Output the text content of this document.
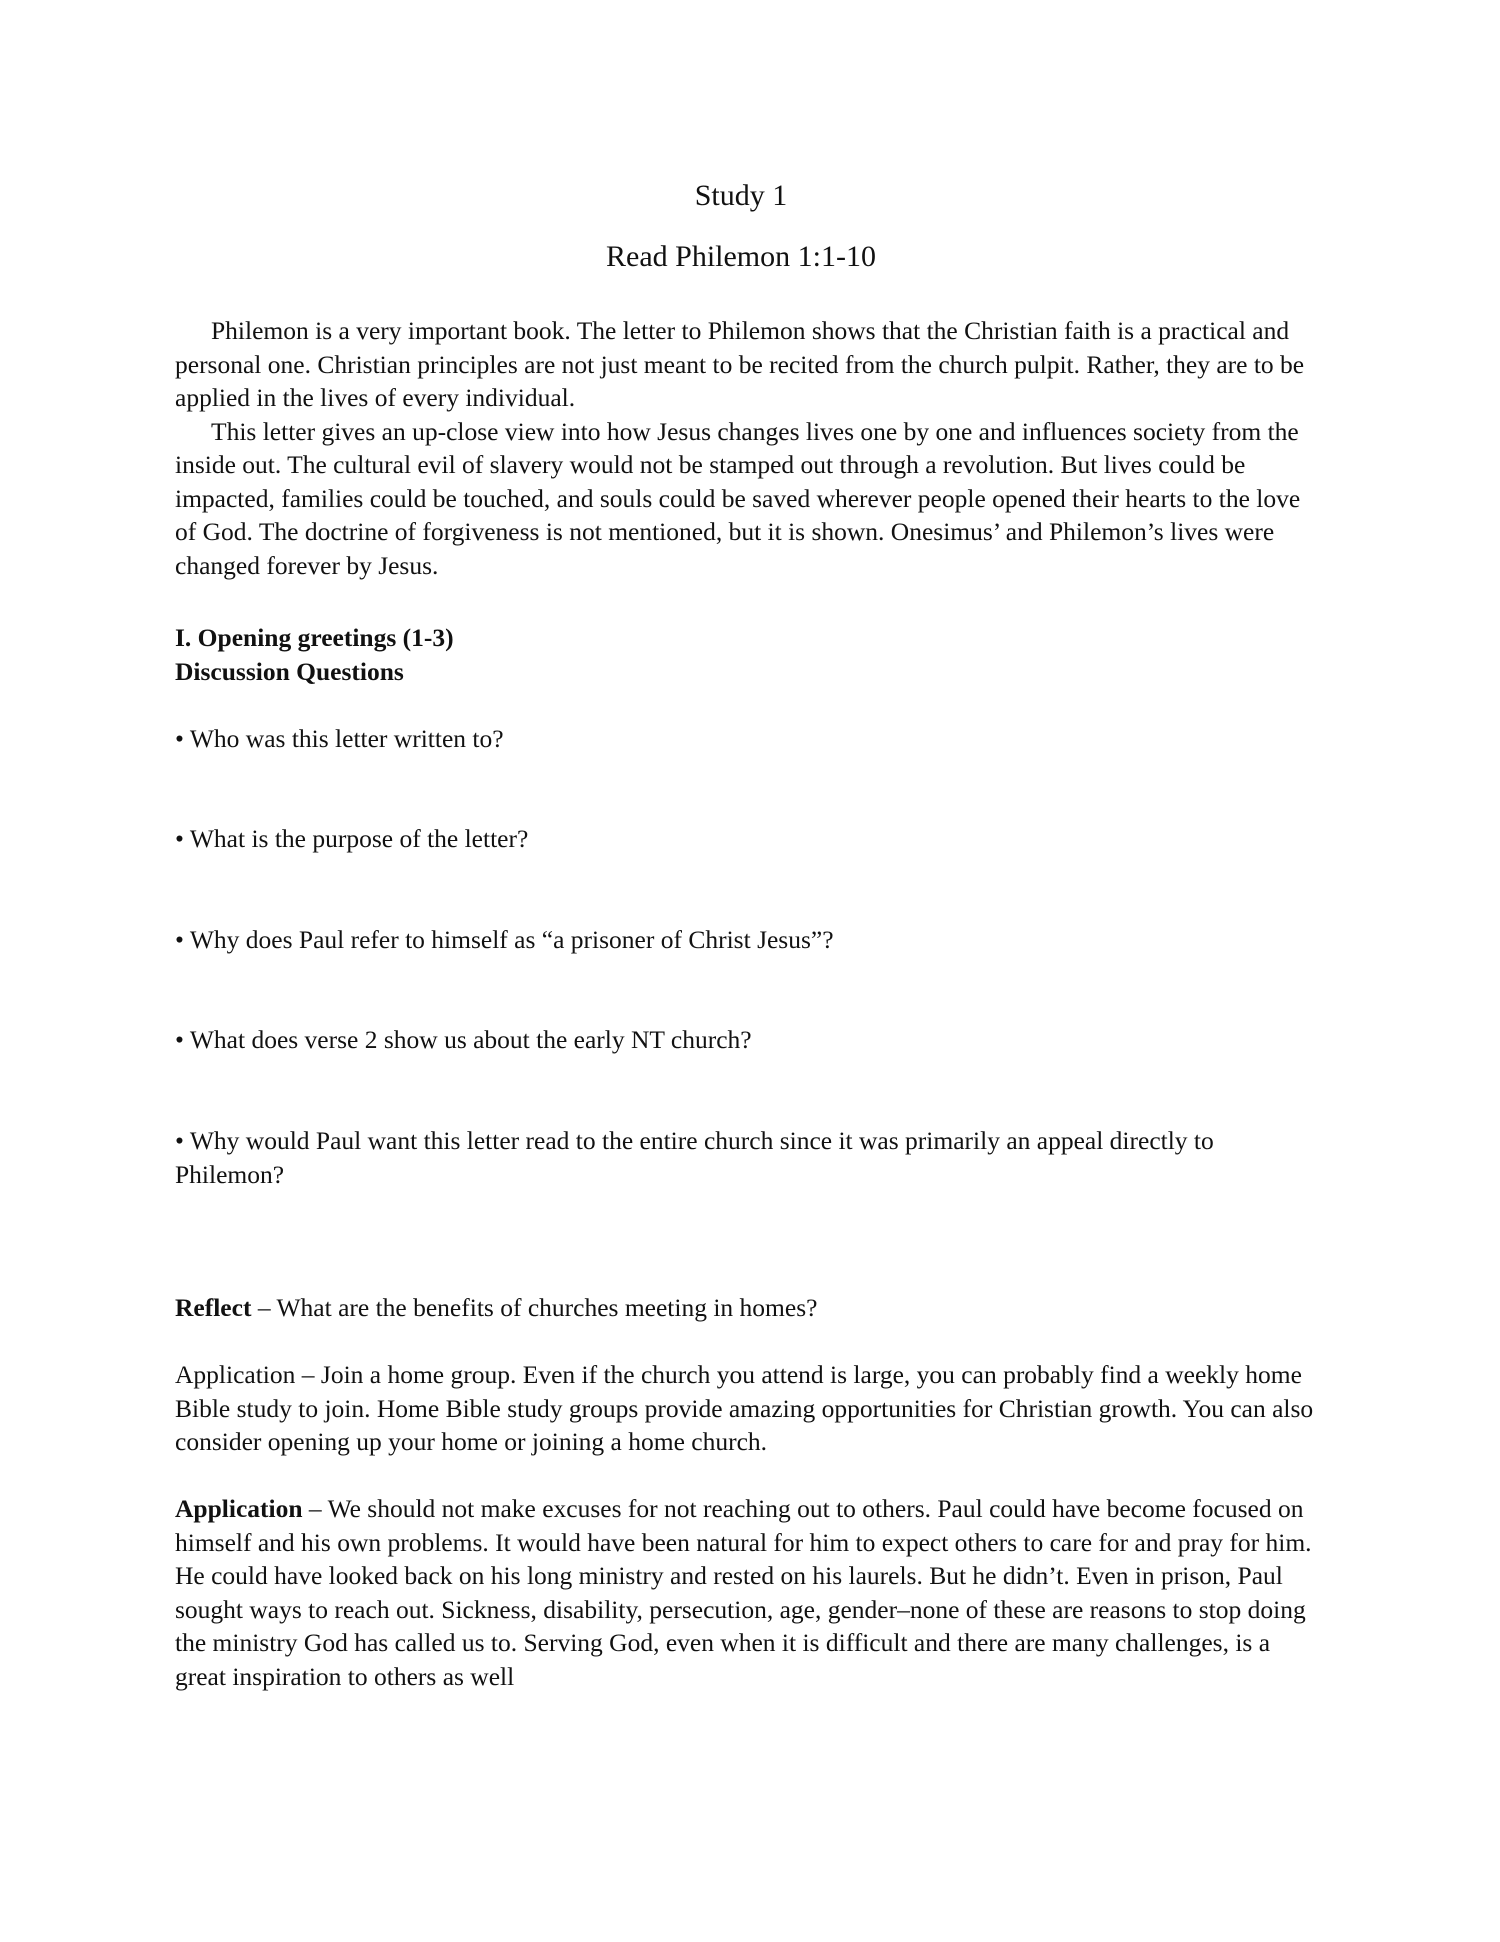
Study 1
Read Philemon 1:1-10

Philemon is a very important book. The letter to Philemon shows that the Christian faith is a practical and personal one. Christian principles are not just meant to be recited from the church pulpit. Rather, they are to be applied in the lives of every individual.

This letter gives an up-close view into how Jesus changes lives one by one and influences society from the inside out. The cultural evil of slavery would not be stamped out through a revolution. But lives could be impacted, families could be touched, and souls could be saved wherever people opened their hearts to the love of God. The doctrine of forgiveness is not mentioned, but it is shown. Onesimus’ and Philemon’s lives were changed forever by Jesus.

I. Opening greetings (1-3)
Discussion Questions
• Who was this letter written to?
• What is the purpose of the letter?
• Why does Paul refer to himself as “a prisoner of Christ Jesus”?
• What does verse 2 show us about the early NT church?
• Why would Paul want this letter read to the entire church since it was primarily an appeal directly to Philemon?
Reflect – What are the benefits of churches meeting in homes?
Application – Join a home group. Even if the church you attend is large, you can probably find a weekly home Bible study to join. Home Bible study groups provide amazing opportunities for Christian growth. You can also consider opening up your home or joining a home church.
Application – We should not make excuses for not reaching out to others. Paul could have become focused on himself and his own problems. It would have been natural for him to expect others to care for and pray for him. He could have looked back on his long ministry and rested on his laurels. But he didn’t. Even in prison, Paul sought ways to reach out. Sickness, disability, persecution, age, gender–none of these are reasons to stop doing the ministry God has called us to. Serving God, even when it is difficult and there are many challenges, is a great inspiration to others as well
